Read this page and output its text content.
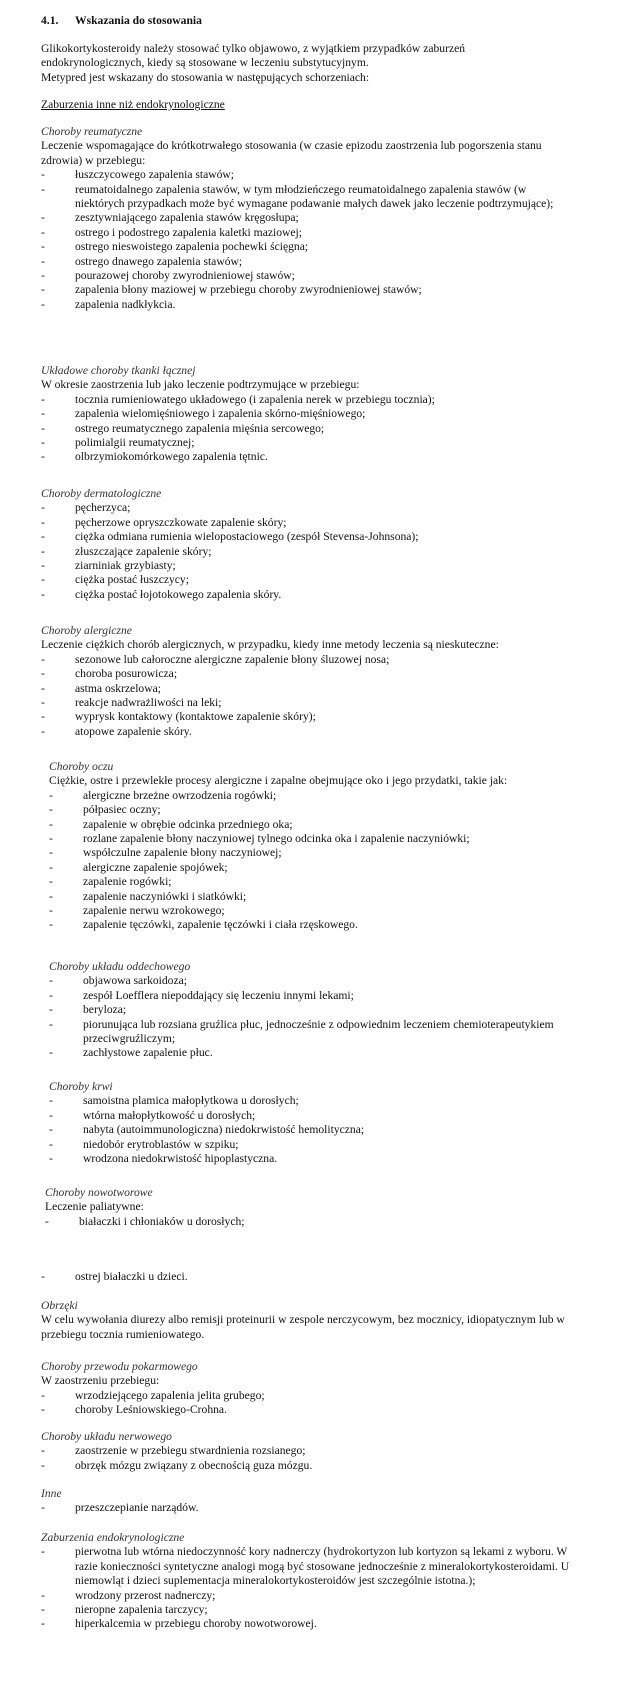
4.1. Wskazania do stosowania

Glikokortykosteroidy należy stosować tylko objawowo, z wyjątkiem przypadków zaburzeń endokrynologicznych, kiedy są stosowane w leczeniu substytucyjnym.

Metypred jest wskazany do stosowania w następujących schorzeniach:

Zaburzenia inne niż endokrynologiczne

Choroby reumatyczne

Leczenie wspomagające do krótkotrwałego stosowania (w czasie epizodu zaostrzenia lub pogorszenia stanu zdrowia) w przebiegu:

-	łuszczycowego zapalenia stawów;
-	reumatoidalnego zapalenia stawów, w tym młodzieńczego reumatoidalnego zapalenia stawów (w niektórych przypadkach może być wymagane podawanie małych dawek jako leczenie podtrzymujące);
-	zesztywniającego zapalenia stawów kręgosłupa;
-	ostrego i podostrego zapalenia kaletki maziowej;
-	ostrego nieswoistego zapalenia pochewki ścięgna;
-	ostrego dnawego zapalenia stawów;
-	pourazowej choroby zwyrodnieniowej stawów;
-	zapalenia błony maziowej w przebiegu choroby zwyrodnieniowej stawów;
-	zapalenia nadkłykcia.

Układowe choroby tkanki łącznej

W okresie zaostrzenia lub jako leczenie podtrzymujące w przebiegu:

-	tocznia rumieniowatego układowego (i zapalenia nerek w przebiegu tocznia);
-	zapalenia wielomięśniowego i zapalenia skórno-mięśniowego;
-	ostrego reumatycznego zapalenia mięśnia sercowego;
-	polimialgii reumatycznej;
-	olbrzymiokomórkowego zapalenia tętnic.

Choroby dermatologiczne

-	pęcherzyca;
-	pęcherzowe opryszczkowate zapalenie skóry;
-	ciężka odmiana rumienia wielopostaciowego (zespół Stevensa-Johnsona);
-	złuszczające zapalenie skóry;
-	ziarniniak grzybiasty;
-	ciężka postać łuszczycy;
-	ciężka postać łojotokowego zapalenia skóry.

Choroby alergiczne

Leczenie ciężkich chorób alergicznych, w przypadku, kiedy inne metody leczenia są nieskuteczne:

-	sezonowe lub całoroczne alergiczne zapalenie błony śluzowej nosa;
-	choroba posurowicza;
-	astma oskrzelowa;
-	reakcje nadwrażliwości na leki;
-	wyprysk kontaktowy (kontaktowe zapalenie skóry);
-	atopowe zapalenie skóry.

Choroby oczu

Ciężkie, ostre i przewlekłe procesy alergiczne i zapalne obejmujące oko i jego przydatki, takie jak:

-	alergiczne brzeżne owrzodzenia rogówki;
-	półpasiec oczny;
-	zapalenie w obrębie odcinka przedniego oka;
-	rozlane zapalenie błony naczyniowej tylnego odcinka oka i zapalenie naczyniówki;
-	współczulne zapalenie błony naczyniowej;
-	alergiczne zapalenie spojówek;
-	zapalenie rogówki;
-	zapalenie naczyniówki i siatkówki;
-	zapalenie nerwu wzrokowego;
-	zapalenie tęczówki, zapalenie tęczówki i ciała rzęskowego.

Choroby układu oddechowego

-	objawowa sarkoidoza;
-	zespół Loefflera niepoddający się leczeniu innymi lekami;
-	beryloza;
-	piorunująca lub rozsiana gruźlica płuc, jednocześnie z odpowiednim leczeniem chemioterapeutykiem przeciwgruźliczym;
-	zachłystowe zapalenie płuc.

Choroby krwi

-	samoistna plamica małopłytkowa u dorosłych;
-	wtórna małopłytkowość u dorosłych;
-	nabyta (autoimmunologiczna) niedokrwistość hemolityczna;
-	niedobór erytroblastów w szpiku;
-	wrodzona niedokrwistość hipoplastyczna.

Choroby nowotworowe

Leczenie paliatywne:

-	białaczki i chłoniaków u dorosłych;
-	ostrej białaczki u dzieci.

Obrzęki

W celu wywołania diurezy albo remisji proteinurii w zespole nerczycowym, bez mocznicy, idiopatycznym lub w przebiegu tocznia rumieniowatego.

Choroby przewodu pokarmowego

W zaostrzeniu przebiegu:

-	wrzodziejącego zapalenia jelita grubego;
-	choroby Leśniowskiego-Crohna.

Choroby układu nerwowego

-	zaostrzenie w przebiegu stwardnienia rozsianego;
-	obrzęk mózgu związany z obecnością guza mózgu.

Inne

-	przeszczepianie narządów.

Zaburzenia endokrynologiczne

-	pierwotna lub wtórna niedoczynność kory nadnerczy (hydrokortyzon lub kortyzon są lekami z wyboru. W razie konieczności syntetyczne analogi mogą być stosowane jednocześnie z mineralokortykosteroidami. U niemowląt i dzieci suplementacja mineralokortykosteroidów jest szczególnie istotna.);
-	wrodzony przerost nadnerczy;
-	nieropne zapalenia tarczycy;
-	hiperkalcemia w przebiegu choroby nowotworowej.
